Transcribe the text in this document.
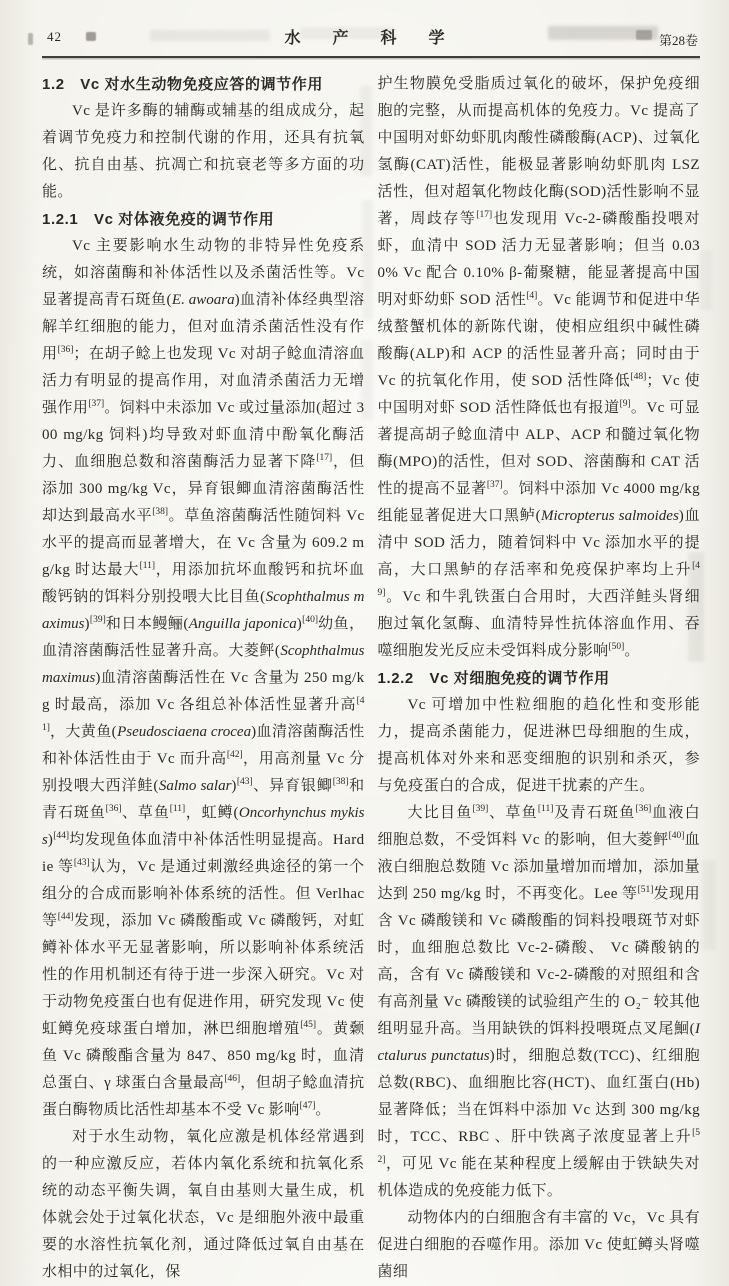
42	水 产 科 学	第28卷
1.2　Vc 对水生动物免疫应答的调节作用

Vc 是许多酶的辅酶或辅基的组成成分，起着调节免疫力和控制代谢的作用，还具有抗氧化、抗自由基、抗凋亡和抗衰老等多方面的功能。

1.2.1　Vc 对体液免疫的调节作用

Vc 主要影响水生动物的非特异性免疫系统，如溶菌酶和补体活性以及杀菌活性等。Vc 显著提高青石斑鱼(E. awoara)血清补体经典型溶解羊红细胞的能力，但对血清杀菌活性没有作用[36]；在胡子鲶上也发现 Vc 对胡子鲶血清溶血活力有明显的提高作用，对血清杀菌活力无增强作用[37]。饲料中未添加 Vc 或过量添加(超过 300 mg/kg 饲料)均导致对虾血清中酚氧化酶活力、血细胞总数和溶菌酶活力显著下降[17]，但添加 300 mg/kg Vc，异育银鲫血清溶菌酶活性却达到最高水平[38]。草鱼溶菌酶活性随饲料 Vc 水平的提高而显著增大，在 Vc 含量为 609.2 mg/kg 时达最大[11]，用添加抗坏血酸钙和抗坏血酸钙钠的饵料分别投喂大比目鱼(Scophthalmus maximus)[39]和日本鳗鲡(Anguilla japonica)[40]幼鱼，血清溶菌酶活性显著升高。大菱鲆(Scophthalmus maximus)血清溶菌酶活性在 Vc 含量为 250 mg/kg 时最高，添加 Vc 各组总补体活性显著升高[41]，大黄鱼(Pseudosciaena crocea)血清溶菌酶活性和补体活性由于 Vc 而升高[42]，用高剂量 Vc 分别投喂大西洋鲑(Salmo salar)[43]、异育银鲫[38]和青石斑鱼[36]、草鱼[11]，虹鳟(Oncorhynchus mykiss)[44]均发现鱼体血清中补体活性明显提高。Hardie 等[43]认为，Vc 是通过刺激经典途径的第一个组分的合成而影响补体系统的活性。但 Verlhac 等[44]发现，添加 Vc 磷酸酯或 Vc 磷酸钙，对虹鳟补体水平无显著影响，所以影响补体系统活性的作用机制还有待于进一步深入研究。Vc 对于动物免疫蛋白也有促进作用，研究发现 Vc 使虹鳟免疫球蛋白增加，淋巴细胞增殖[45]。黄颡鱼 Vc 磷酸酯含量为 847、850 mg/kg 时，血清总蛋白、γ 球蛋白含量最高[46]，但胡子鲶血清抗蛋白酶物质比活性却基本不受 Vc 影响[47]。

对于水生动物，氧化应激是机体经常遇到的一种应激反应，若体内氧化系统和抗氧化系统的动态平衡失调，氧自由基则大量生成，机体就会处于过氧化状态，Vc 是细胞外液中最重要的水溶性抗氧化剂，通过降低过氧自由基在水相中的过氧化，保

护生物膜免受脂质过氧化的破坏，保护免疫细胞的完整，从而提高机体的免疫力。Vc 提高了中国明对虾幼虾肌肉酸性磷酸酶(ACP)、过氧化氢酶(CAT)活性，能极显著影响幼虾肌肉 LSZ 活性，但对超氧化物歧化酶(SOD)活性影响不显著，周歧存等[17]也发现用 Vc-2-磷酸酯投喂对虾，血清中 SOD 活力无显著影响；但当 0.030% Vc 配合 0.10% β-葡聚糖，能显著提高中国明对虾幼虾 SOD 活性[4]。Vc 能调节和促进中华绒螯蟹机体的新陈代谢，使相应组织中碱性磷酸酶(ALP)和 ACP 的活性显著升高；同时由于 Vc 的抗氧化作用，使 SOD 活性降低[48]；Vc 使中国明对虾 SOD 活性降低也有报道[9]。Vc 可显著提高胡子鲶血清中 ALP、ACP 和髓过氧化物酶(MPO)的活性，但对 SOD、溶菌酶和 CAT 活性的提高不显著[37]。饲料中添加 Vc 4000 mg/kg 组能显著促进大口黑鲈(Micropterus salmoides)血清中 SOD 活力，随着饲料中 Vc 添加水平的提高，大口黑鲈的存活率和免疫保护率均上升[49]。Vc 和牛乳铁蛋白合用时，大西洋鲑头肾细胞过氧化氢酶、血清特异性抗体溶血作用、吞噬细胞发光反应未受饵料成分影响[50]。

1.2.2　Vc 对细胞免疫的调节作用

Vc 可增加中性粒细胞的趋化性和变形能力，提高杀菌能力，促进淋巴母细胞的生成，提高机体对外来和恶变细胞的识别和杀灭，参与免疫蛋白的合成，促进干扰素的产生。

大比目鱼[39]、草鱼[11]及青石斑鱼[36]血液白细胞总数，不受饵料 Vc 的影响，但大菱鲆[40]血液白细胞总数随 Vc 添加量增加而增加，添加量达到 250 mg/kg 时，不再变化。Lee 等[51]发现用含 Vc 磷酸镁和 Vc 磷酸酯的饲料投喂斑节对虾时，血细胞总数比 Vc-2-磷酸、 Vc 磷酸钠的高，含有 Vc 磷酸镁和 Vc-2-磷酸的对照组和含有高剂量 Vc 磷酸镁的试验组产生的 O₂⁻ 较其他组明显升高。当用缺铁的饵料投喂斑点叉尾鮰(Ictalurus punctatus)时，细胞总数(TCC)、红细胞总数(RBC)、血细胞比容(HCT)、血红蛋白(Hb)显著降低；当在饵料中添加 Vc 达到 300 mg/kg 时，TCC、RBC 、肝中铁离子浓度显著上升[52]，可见 Vc 能在某种程度上缓解由于铁缺失对机体造成的免疫能力低下。

动物体内的白细胞含有丰富的 Vc，Vc 具有促进白细胞的吞噬作用。添加 Vc 使虹鳟头肾噬菌细
